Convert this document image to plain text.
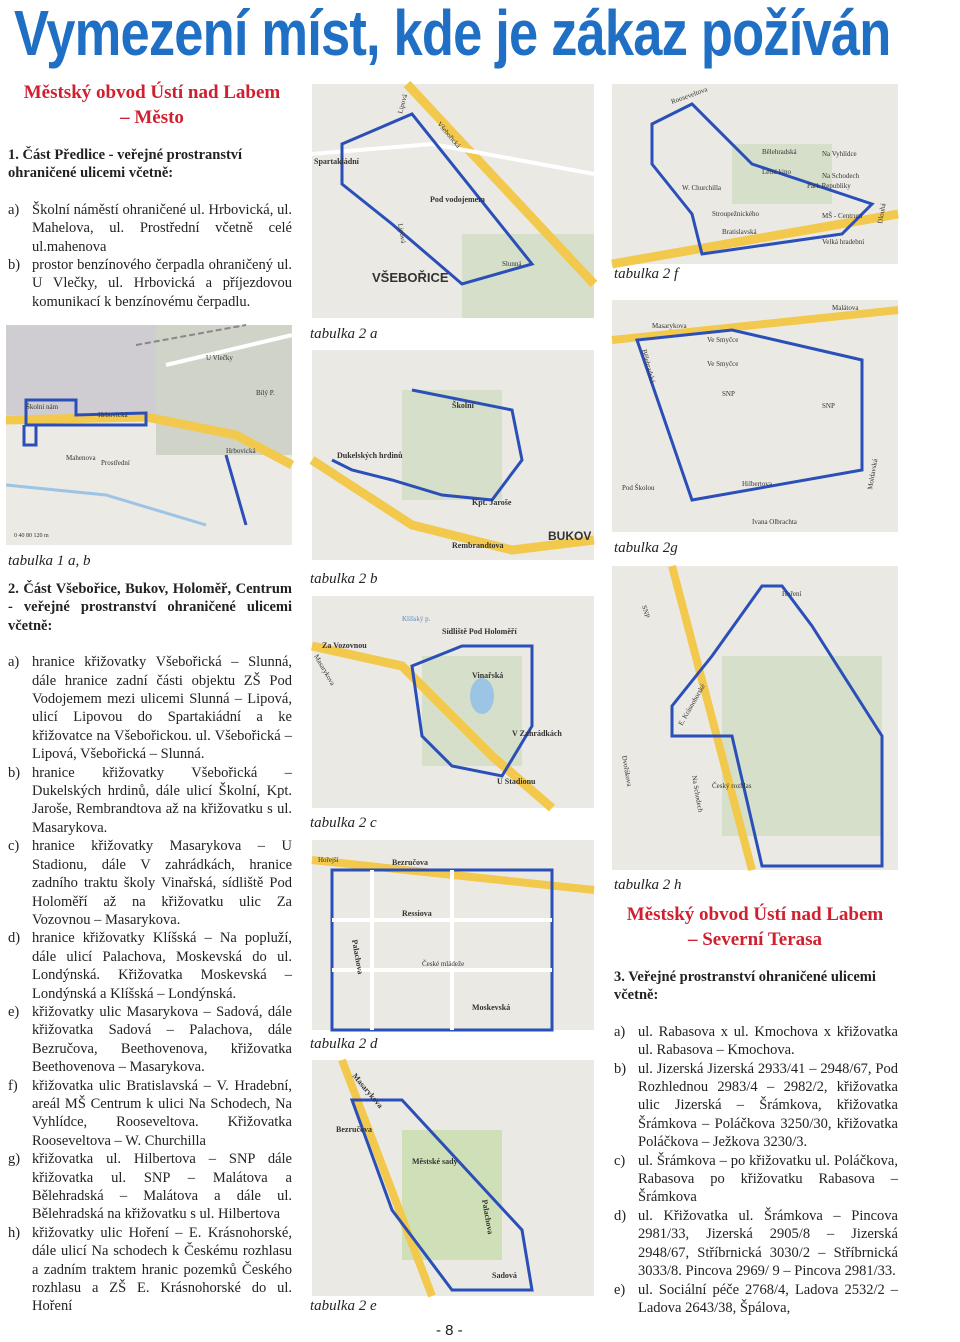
Vymezení míst, kde je zákaz požíván
Městský obvod Ústí nad Labem
– Město

1. Část Předlice - veřejné prostranství ohraničené ulicemi včetně:

a) Školní náměstí ohraničené ul. Hrbovická, ul. Mahelova, ul. Prostřední včetně celé ul.mahenova
b) prostor benzínového čerpadla ohraničený ul. U Vlečky, ul. Hrbovická a příjezdovou komunikací k benzínovému čerpadlu.
U Vlečky
Školní nám
Hrbovická
Mahenova
Prostřední
Bílý P.
Hrbovická
0 40 80 120 m
tabulka 1 a, b

2. Část Všebořice, Bukov, Holoměř, Centrum - veřejné prostranství ohraničené ulicemi včetně:

a) hranice křižovatky Všebořická – Slunná, dále hranice zadní části objektu ZŠ Pod Vodojemem mezi ulicemi Slunná – Lipová, ulicí Lipovou do Spartakiádní a ke křižovatce na Všebořickou. ul. Všebořická – Lipová, Všebořická – Slunná.
b) hranice křižovatky Všebořická – Dukelských hrdinů, dále ulicí Školní, Kpt. Jaroše, Rembrandtova až na křižovatku s ul. Masarykova.
c) hranice křižovatky Masarykova – U Stadionu, dále V zahrádkách, hranice zadního traktu školy Vinařská, sídliště Pod Holoměří až na křižovatku ulic Za Vozovnou – Masarykova.
d) hranice křižovatky Klíšská – Na popluží, dále ulicí Palachova, Moskevská do ul. Londýnská. Křižovatka Moskevská – Londýnská a Klíšská – Londýnská.
e) křižovatky ulic Masarykova – Sadová, dále křižovatka Sadová – Palachova, dále Bezručova, Beethovenova, křižovatka Beethovenova – Masarykova.
f) křižovatka ulic Bratislavská – V. Hradební, areál MŠ Centrum k ulici Na Schodech, Na Vyhlídce, Rooseveltova. Křižovatka Rooseveltova – W. Churchilla
g) křižovatka ul. Hilbertova – SNP dále křižovatka ul. SNP – Malátova a Bělehradská – Malátova a dále ul. Bělehradská na křižovatku s ul. Hilbertova
h) křižovatky ulic Hoření – E. Krásnohorské, dále ulicí Na schodech k Českému rozhlasu a zadním traktem hranic pozemků Českého rozhlasu a ZŠ E. Krásnohorské do ul. Hoření
Lipová
Všebořická
Spartakiádní
Pod vodojemem
Lipová
Slunná
VŠEBOŘICE
tabulka 2 a
Školní
Dukelských hrdinů
Kpt. Jaroše
Rembrandtova
BUKOV
tabulka 2 b
Masarykova
Za Vozovnou
Sídliště Pod Holoměří
Vinařská
V Zahrádkách
U Stadionu
Klíšský p.
tabulka 2 c
Hořejší	Bezručova
Ressiova
Palachova	České mládeže
Moskevská
tabulka 2 d
Masarykova
Bezručova
Městské sady
Palachova
Sadová
tabulka 2 e
Rooseveltova
Bělehradská	Na Vyhlídce
Letní kino	Na Schodech
Park Republiky
W. Churchilla
Stroupežnického
Bratislavská
MŠ - Centrum
Velká hradební
Dlouhá
tabulka 2 f
Malátova
Masarykova
Ve Smyčce
Ve Smyčce
SNP
SNP
Bělehradská
Hilbertova
Pod Školou
Ivana Olbrachta
Moldavská
tabulka 2g
Hoření
SNP
E. Krásnohorské
Na Schodech
Dvořákova	Český rozhlas
tabulka 2 h
Městský obvod Ústí nad Labem
– Severní Terasa

3. Veřejné prostranství ohraničené ulicemi včetně:

a) ul. Rabasova x ul. Kmochova x křižovatka ul. Rabasova – Kmochova.
b) ul. Jizerská Jizerská 2933/41 – 2948/67, Pod Rozhlednou 2983/4 – 2982/2, křižovatka ulic Jizerská – Šrámkova, křižovatka Šrámkova – Poláčkova 3250/30, křižovatka Poláčkova – Ježkova 3230/3.
c) ul. Šrámkova – po křižovatku ul. Poláčkova, Rabasova po křižovatku Rabasova – Šrámkova
d) ul. Křižovatka ul. Šrámkova – Pincova 2981/33, Jizerská 2905/8 – Jizerská 2948/67, Stříbrnická 3030/2 – Stříbrnická 3033/8. Pincova 2969/ 9 – Pincova 2981/33.
e) ul. Sociální péče 2768/4, Ladova 2532/2 – Ladova 2643/38, Špálova,
- 8 -
